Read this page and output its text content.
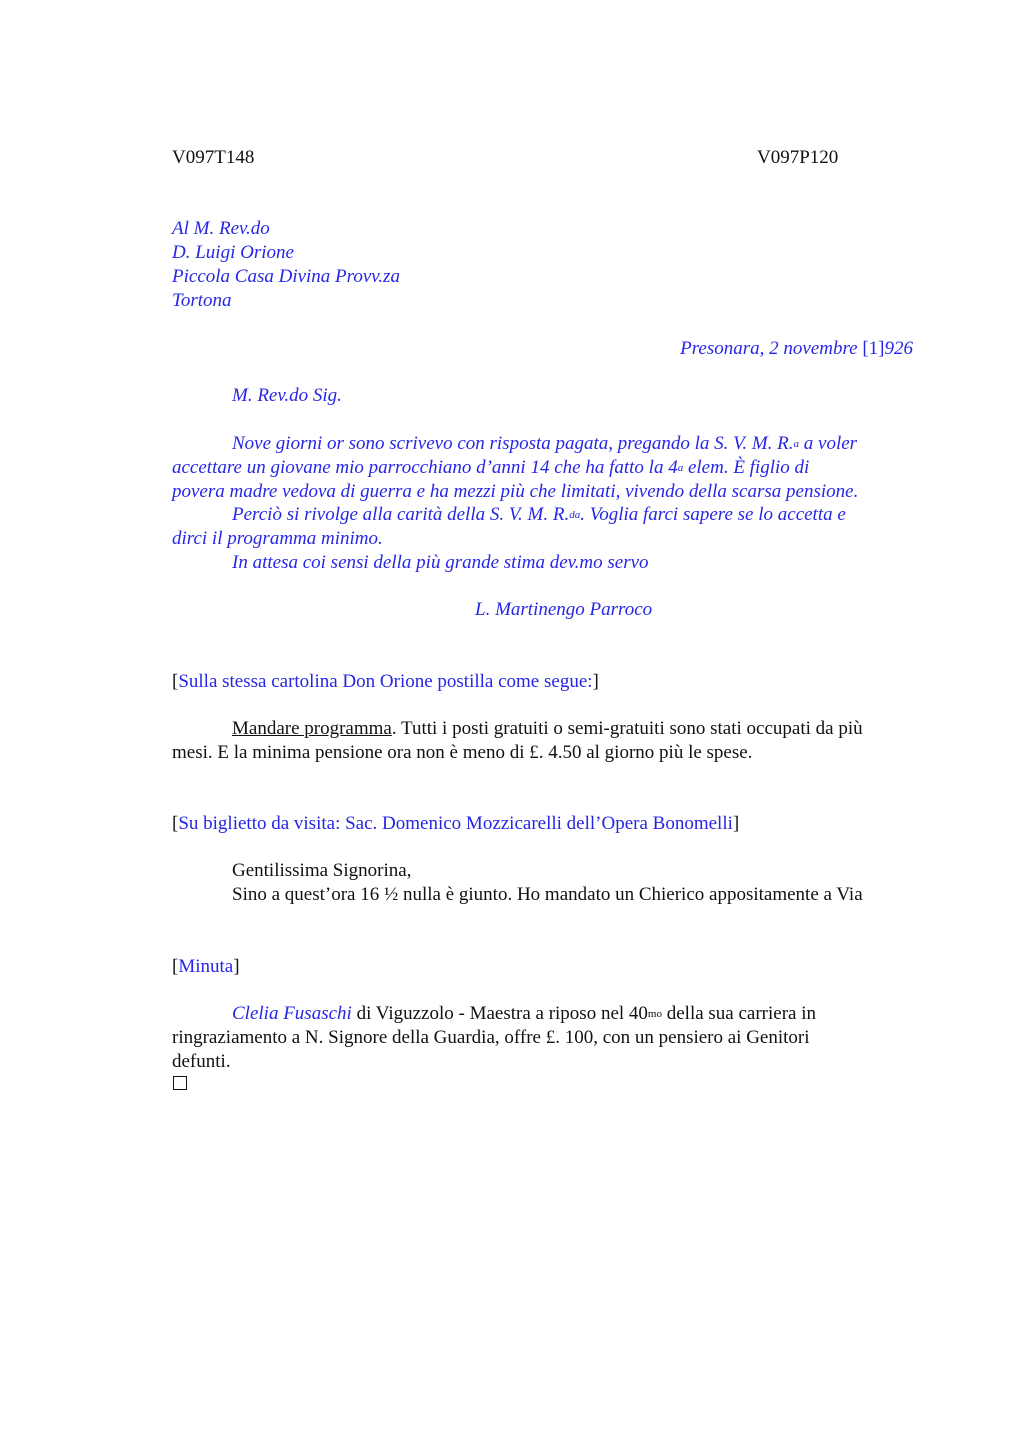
V097T148	V097P120
Al M. Rev.do
D. Luigi Orione
Piccola Casa Divina Provv.za
Tortona
Presonara, 2 novembre [1]926
M. Rev.do Sig.
Nove giorni or sono scrivevo con risposta pagata, pregando la S. V. M. R.$^a$ a voler
accettare un giovane mio parrocchiano d’anni 14 che ha fatto la 4$^a$ elem. È figlio di
povera madre vedova di guerra e ha mezzi più che limitati, vivendo della scarsa pensione.
Perciò si rivolge alla carità della S. V. M. R.$^{da}$. Voglia farci sapere se lo accetta e
dirci il programma minimo.
In attesa coi sensi della più grande stima dev.mo servo
L. Martinengo Parroco
[Sulla stessa cartolina Don Orione postilla come segue:]
Mandare programma. Tutti i posti gratuiti o semi-gratuiti sono stati occupati da più
mesi. E la minima pensione ora non è meno di £. 4.50 al giorno più le spese.
[Su biglietto da visita: Sac. Domenico Mozzicarelli dell’Opera Bonomelli]
Gentilissima Signorina,
Sino a quest’ora 16 ½ nulla è giunto. Ho mandato un Chierico appositamente a Via
[Minuta]
Clelia Fusaschi di Viguzzolo - Maestra a riposo nel $40^{mo}$ della sua carriera in
ringraziamento a N. Signore della Guardia, offre £. 100, con un pensiero ai Genitori
defunti.
